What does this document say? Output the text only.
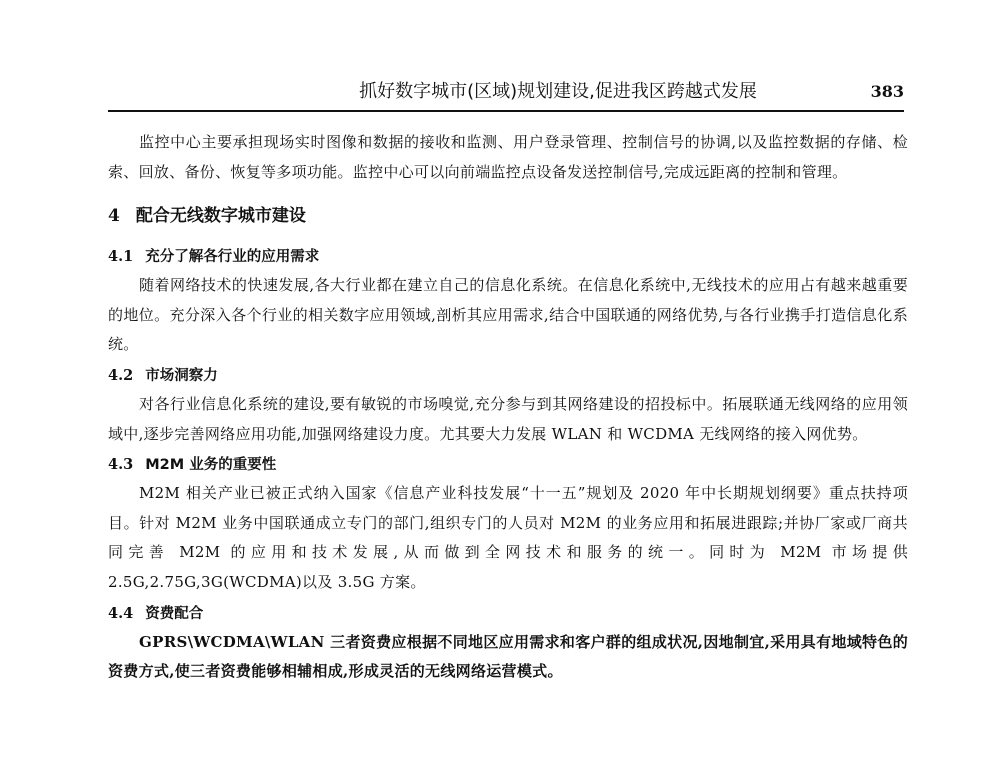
抓好数字城市(区域)规划建设,促进我区跨越式发展	383

监控中心主要承担现场实时图像和数据的接收和监测、用户登录管理、控制信号的协调,以及监控数据的存储、检索、回放、备份、恢复等多项功能。监控中心可以向前端监控点设备发送控制信号,完成远距离的控制和管理。

4 配合无线数字城市建设
4.1 充分了解各行业的应用需求

随着网络技术的快速发展,各大行业都在建立自己的信息化系统。在信息化系统中,无线技术的应用占有越来越重要的地位。充分深入各个行业的相关数字应用领域,剖析其应用需求,结合中国联通的网络优势,与各行业携手打造信息化系统。

4.2 市场洞察力

对各行业信息化系统的建设,要有敏锐的市场嗅觉,充分参与到其网络建设的招投标中。拓展联通无线网络的应用领域中,逐步完善网络应用功能,加强网络建设力度。尤其要大力发展 WLAN 和 WCDMA 无线网络的接入网优势。

4.3 M2M 业务的重要性

M2M 相关产业已被正式纳入国家《信息产业科技发展“十一五”规划及 2020 年中长期规划纲要》重点扶持项目。针对 M2M 业务中国联通成立专门的部门,组织专门的人员对 M2M 的业务应用和拓展进跟踪;并协厂家或厂商共同完善 M2M 的应用和技术发展,从而做到全网技术和服务的统一。同时为 M2M 市场提供 2.5G,2.75G,3G(WCDMA)以及 3.5G 方案。

4.4 资费配合

GPRS\WCDMA\WLAN 三者资费应根据不同地区应用需求和客户群的组成状况,因地制宜,采用具有地域特色的资费方式,使三者资费能够相辅相成,形成灵活的无线网络运营模式。
